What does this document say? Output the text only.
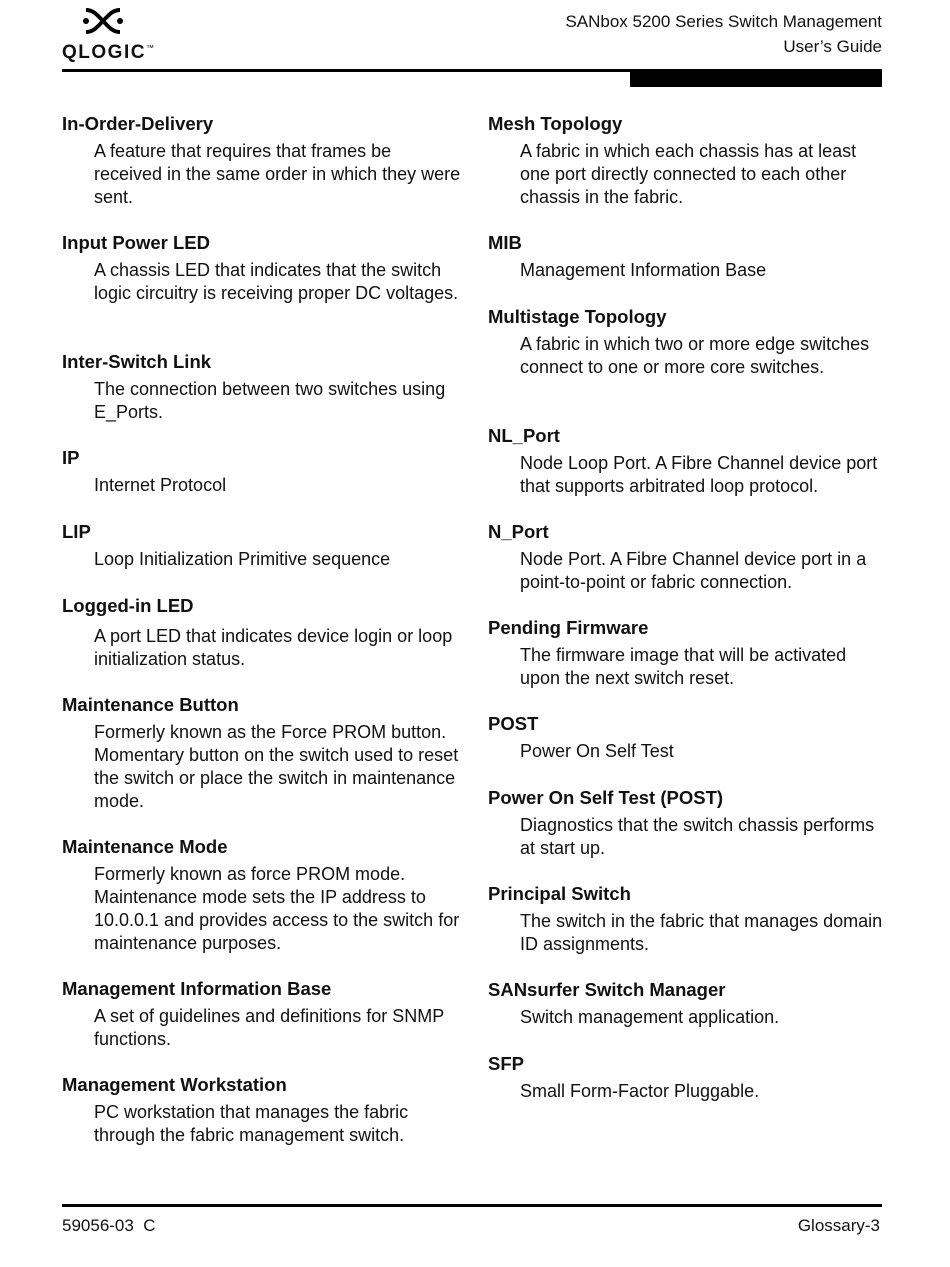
QLOGIC™
SANbox 5200 Series Switch Management
User’s Guide
In-Order-Delivery
A feature that requires that frames be received in the same order in which they were sent.
Input Power LED
A chassis LED that indicates that the switch logic circuitry is receiving proper DC voltages.
Inter-Switch Link
The connection between two switches using E_Ports.
IP
Internet Protocol
LIP
Loop Initialization Primitive sequence
Logged-in LED
A port LED that indicates device login or loop initialization status.
Maintenance Button
Formerly known as the Force PROM button. Momentary button on the switch used to reset the switch or place the switch in maintenance mode.
Maintenance Mode
Formerly known as force PROM mode. Maintenance mode sets the IP address to 10.0.0.1 and provides access to the switch for maintenance purposes.
Management Information Base
A set of guidelines and definitions for SNMP functions.
Management Workstation
PC workstation that manages the fabric through the fabric management switch.
Mesh Topology
A fabric in which each chassis has at least one port directly connected to each other chassis in the fabric.
MIB
Management Information Base
Multistage Topology
A fabric in which two or more edge switches connect to one or more core switches.
NL_Port
Node Loop Port. A Fibre Channel device port that supports arbitrated loop protocol.
N_Port
Node Port. A Fibre Channel device port in a point-to-point or fabric connection.
Pending Firmware
The firmware image that will be activated upon the next switch reset.
POST
Power On Self Test
Power On Self Test (POST)
Diagnostics that the switch chassis performs at start up.
Principal Switch
The switch in the fabric that manages domain ID assignments.
SANsurfer Switch Manager
Switch management application.
SFP
Small Form-Factor Pluggable.
59056-03  C	Glossary-3
